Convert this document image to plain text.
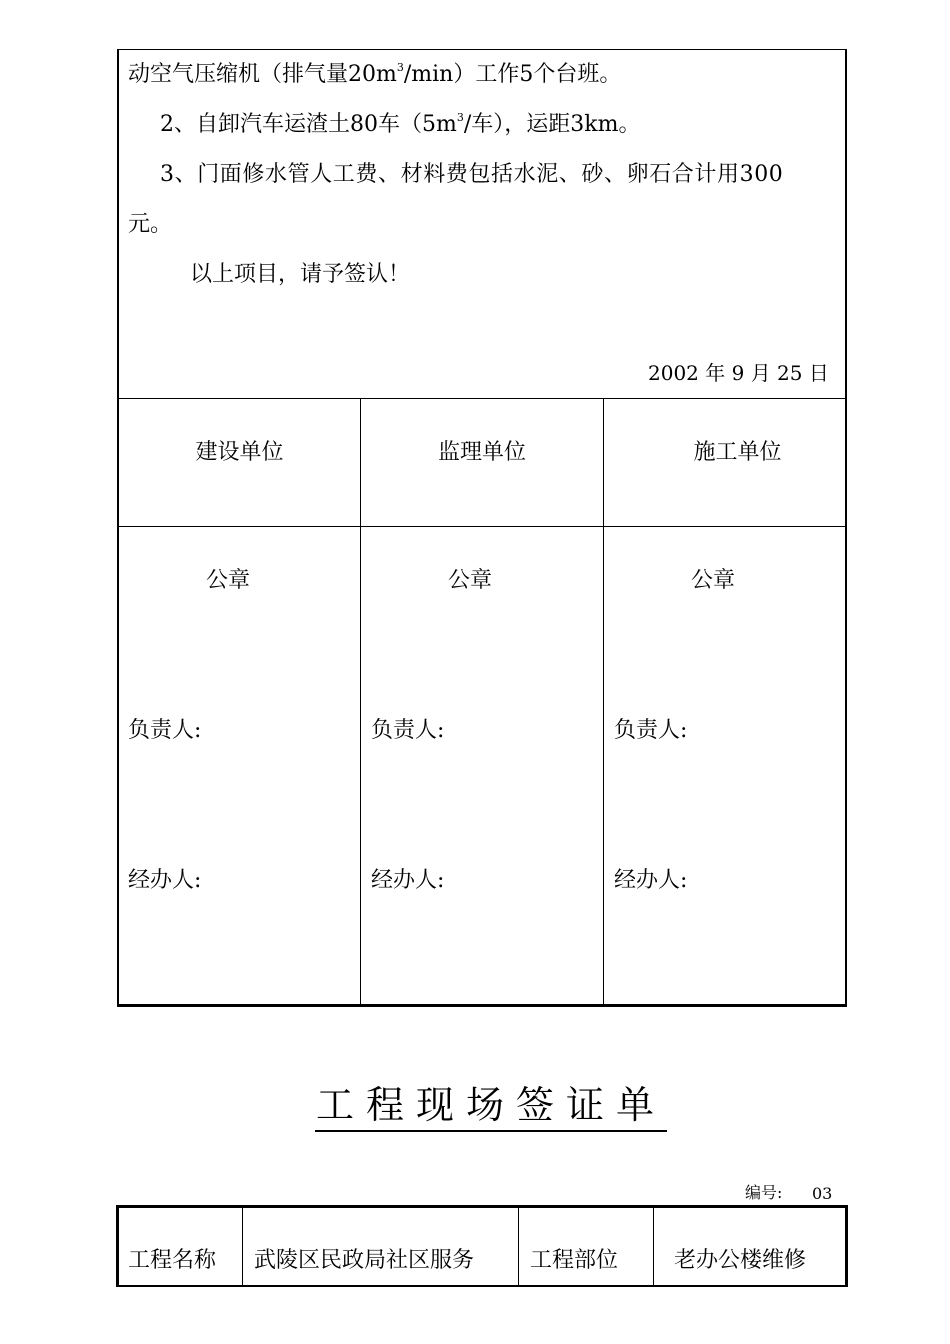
动空气压缩机（排气量$20m^3/\min$）工作5个台班。
2、自卸汽车运渣土80车（$5m^3/$车），运距3km。
3、门面修水管人工费、材料费包括水泥、砂、卵石合计用300
元。
以上项目，请予签认！
2002 年 9 月 25 日
建设单位	监理单位	施工单位
公章	公章	公章
负责人:	负责人:	负责人:
经办人:	经办人:	经办人:
工程现场签证单
编号: 03
工程名称 武陵区民政局社区服务	工程部位	老办公楼维修
